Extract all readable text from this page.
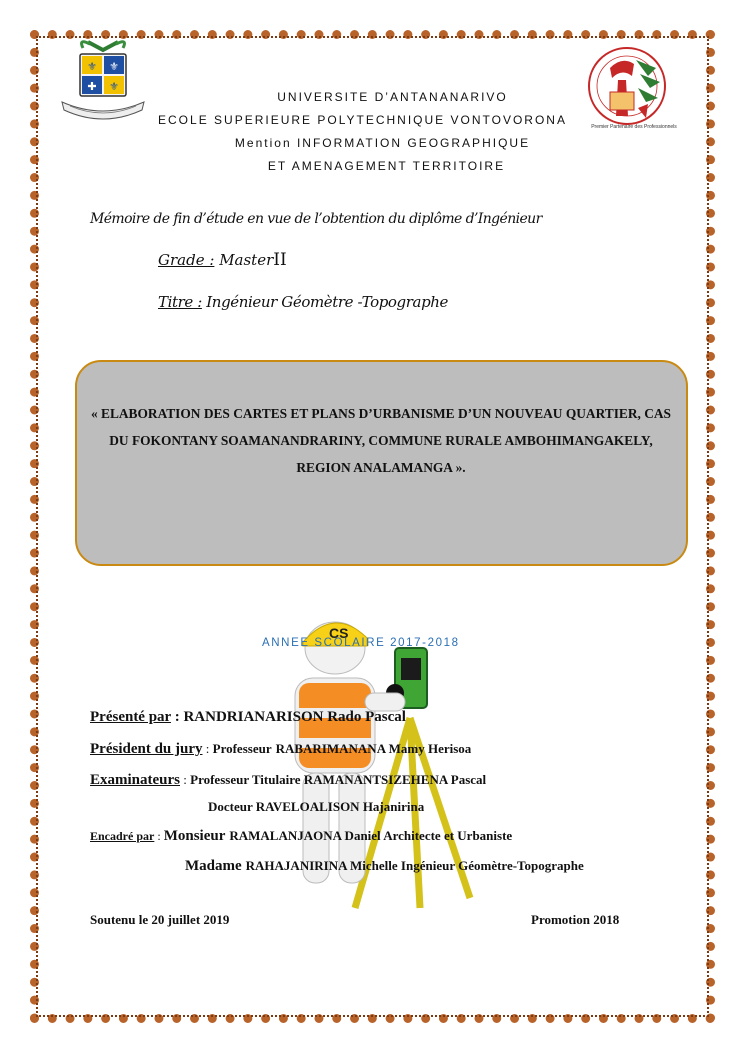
⚜ ⚜
✚ ⚜
Premier Partenaire des Professionnels
UNIVERSITE D’ANTANANARIVO
ECOLE SUPERIEURE POLYTECHNIQUE VONTOVORONA
Mention INFORMATION GEOGRAPHIQUE
ET AMENAGEMENT TERRITOIRE
Mémoire de fin d’étude en vue de l’obtention du diplôme d’Ingénieur
Grade : MasterII
Titre : Ingénieur Géomètre -Topographe
« ELABORATION DES CARTES ET PLANS D’URBANISME D’UN NOUVEAU QUARTIER, CAS DU FOKONTANY SOAMANANDRARINY, COMMUNE RURALE AMBOHIMANGAKELY, REGION ANALAMANGA ».
CS
ANNEE SCOLAIRE 2017-2018
Présenté par : RANDRIANARISON Rado Pascal
Président du jury : Professeur RABARIMANANA Mamy Herisoa
Examinateurs : Professeur Titulaire RAMANANTSIZEHENA Pascal
Docteur RAVELOALISON Hajanirina
Encadré par : Monsieur RAMALANJAONA Daniel Architecte et Urbaniste
Madame RAHAJANIRINA Michelle Ingénieur Géomètre-Topographe
Soutenu le 20 juillet 2019	Promotion 2018
